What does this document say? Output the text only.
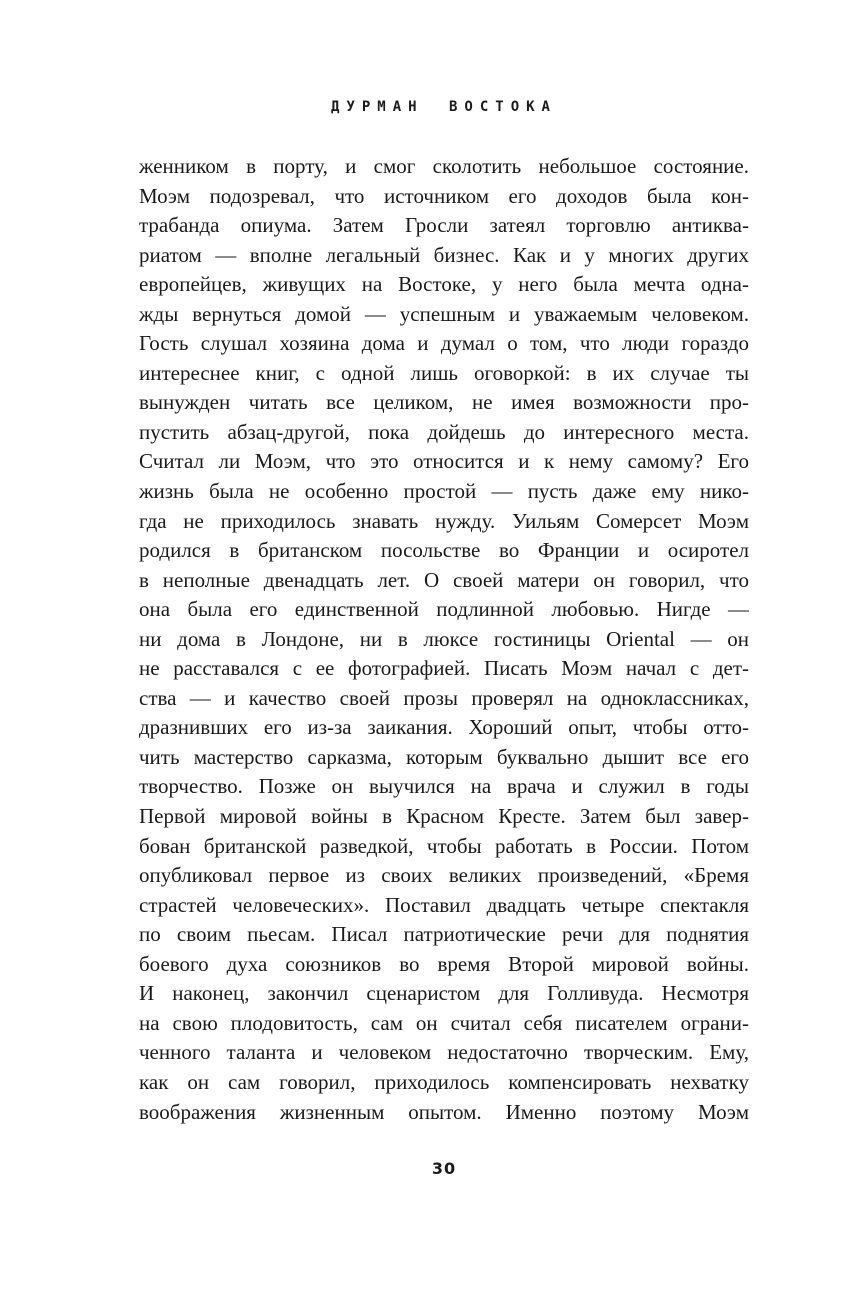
ДУРМАН ВОСТОКА
женником в порту, и смог сколотить небольшое состояние.
Моэм подозревал, что источником его доходов была кон-
трабанда опиума. Затем Гросли затеял торговлю антиква-
риатом — вполне легальный бизнес. Как и у многих других
европейцев, живущих на Востоке, у него была мечта одна-
жды вернуться домой — успешным и уважаемым человеком.
Гость слушал хозяина дома и думал о том, что люди гораздо
интереснее книг, с одной лишь оговоркой: в их случае ты
вынужден читать все целиком, не имея возможности про-
пустить абзац-другой, пока дойдешь до интересного места.
Считал ли Моэм, что это относится и к нему самому? Его
жизнь была не особенно простой — пусть даже ему нико-
гда не приходилось знавать нужду. Уильям Сомерсет Моэм
родился в британском посольстве во Франции и осиротел
в неполные двенадцать лет. О своей матери он говорил, что
она была его единственной подлинной любовью. Нигде —
ни дома в Лондоне, ни в люксе гостиницы Oriental — он
не расставался с ее фотографией. Писать Моэм начал с дет-
ства — и качество своей прозы проверял на одноклассниках,
дразнивших его из-за заикания. Хороший опыт, чтобы отто-
чить мастерство сарказма, которым буквально дышит все его
творчество. Позже он выучился на врача и служил в годы
Первой мировой войны в Красном Кресте. Затем был завер-
бован британской разведкой, чтобы работать в России. Потом
опубликовал первое из своих великих произведений, «Бремя
страстей человеческих». Поставил двадцать четыре спектакля
по своим пьесам. Писал патриотические речи для поднятия
боевого духа союзников во время Второй мировой войны.
И наконец, закончил сценаристом для Голливуда. Несмотря
на свою плодовитость, сам он считал себя писателем ограни-
ченного таланта и человеком недостаточно творческим. Ему,
как он сам говорил, приходилось компенсировать нехватку
воображения жизненным опытом. Именно поэтому Моэм
30
